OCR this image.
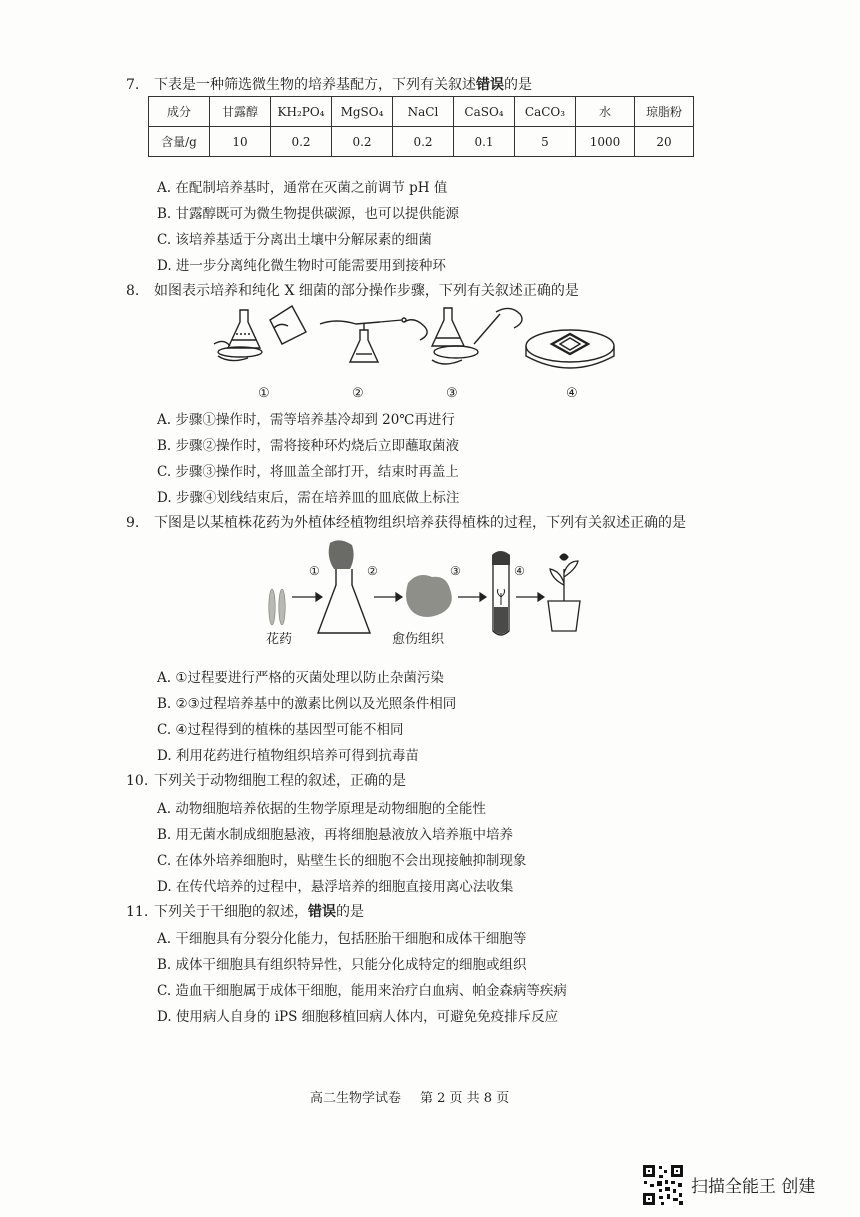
7. 下表是一种筛选微生物的培养基配方，下列有关叙述错误的是
成分	甘露醇	KH₂PO₄	MgSO₄	NaCl	CaSO₄	CaCO₃	水	琼脂粉
含量/g	10	0.2	0.2	0.2	0.1	5	1000	20
A. 在配制培养基时，通常在灭菌之前调节 pH 值
B. 甘露醇既可为微生物提供碳源，也可以提供能源
C. 该培养基适于分离出土壤中分解尿素的细菌
D. 进一步分离纯化微生物时可能需要用到接种环
8. 如图表示培养和纯化 X 细菌的部分操作步骤，下列有关叙述正确的是
①	②	③	④
A. 步骤①操作时，需等培养基冷却到 20℃再进行
B. 步骤②操作时，需将接种环灼烧后立即蘸取菌液
C. 步骤③操作时，将皿盖全部打开，结束时再盖上
D. 步骤④划线结束后，需在培养皿的皿底做上标注
9. 下图是以某植株花药为外植体经植物组织培养获得植株的过程，下列有关叙述正确的是
①	②	③	④
花药	愈伤组织
A. ①过程要进行严格的灭菌处理以防止杂菌污染
B. ②③过程培养基中的激素比例以及光照条件相同
C. ④过程得到的植株的基因型可能不相同
D. 利用花药进行植物组织培养可得到抗毒苗
10. 下列关于动物细胞工程的叙述，正确的是
A. 动物细胞培养依据的生物学原理是动物细胞的全能性
B. 用无菌水制成细胞悬液，再将细胞悬液放入培养瓶中培养
C. 在体外培养细胞时，贴壁生长的细胞不会出现接触抑制现象
D. 在传代培养的过程中，悬浮培养的细胞直接用离心法收集
11. 下列关于干细胞的叙述，错误的是
A. 干细胞具有分裂分化能力，包括胚胎干细胞和成体干细胞等
B. 成体干细胞具有组织特异性，只能分化成特定的细胞或组织
C. 造血干细胞属于成体干细胞，能用来治疗白血病、帕金森病等疾病
D. 使用病人自身的 iPS 细胞移植回病人体内，可避免免疫排斥反应
高二生物学试卷 第 2 页 共 8 页
扫描全能王 创建
